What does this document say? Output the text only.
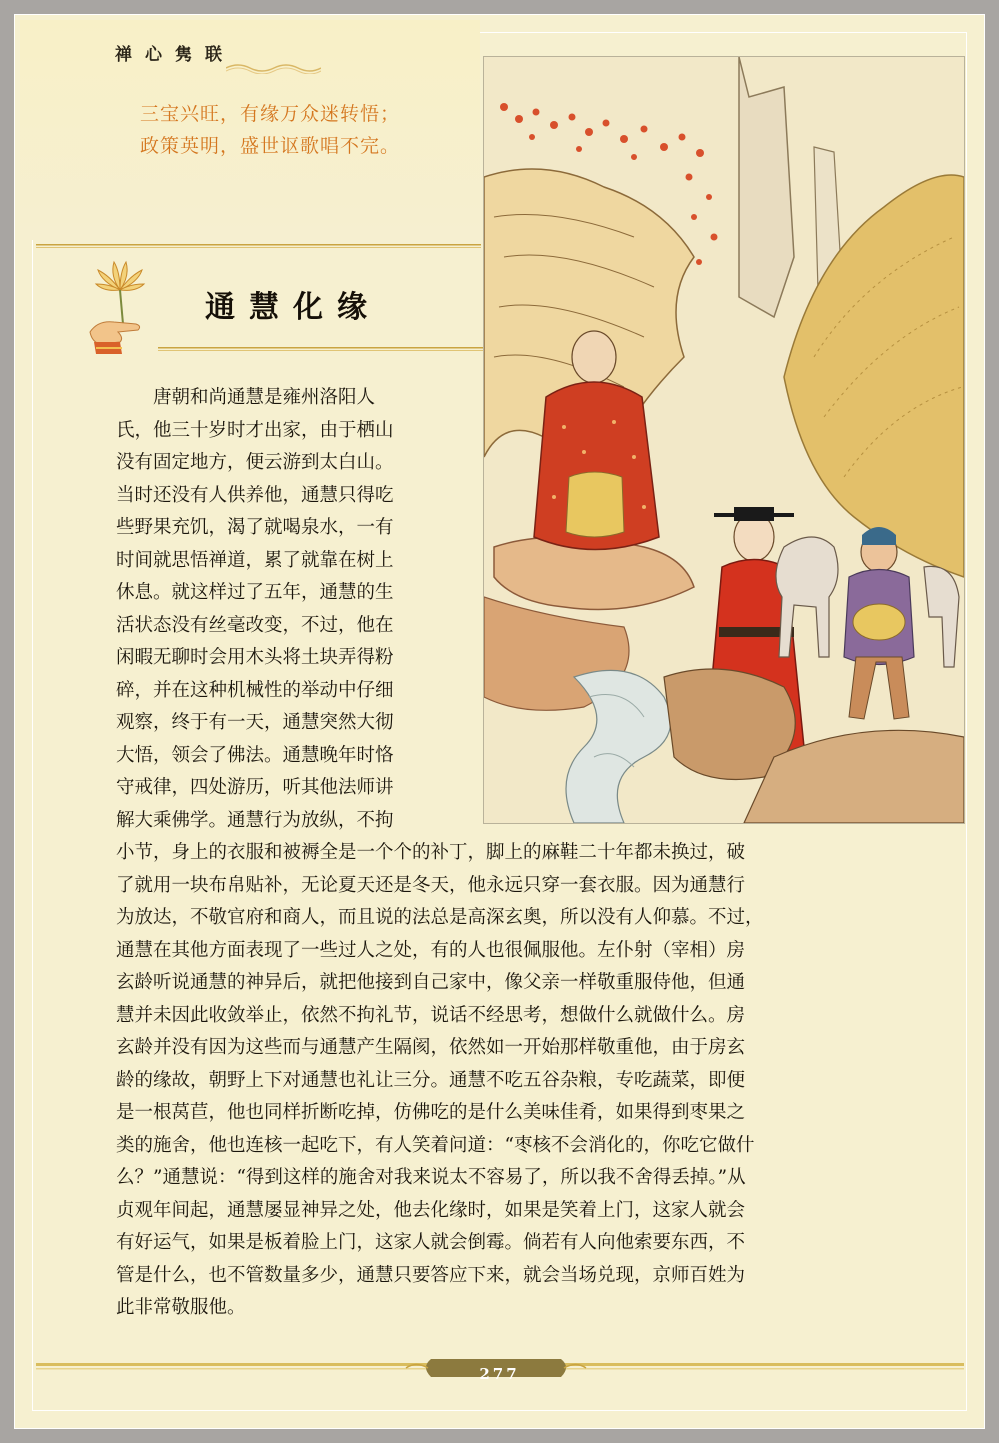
禅心隽联
三宝兴旺，有缘万众迷转悟；
政策英明，盛世讴歌唱不完。
通慧化缘
　　唐朝和尚通慧是雍州洛阳人
氏，他三十岁时才出家，由于栖山
没有固定地方，便云游到太白山。
当时还没有人供养他，通慧只得吃
些野果充饥，渴了就喝泉水，一有
时间就思悟禅道，累了就靠在树上
休息。就这样过了五年，通慧的生
活状态没有丝毫改变，不过，他在
闲暇无聊时会用木头将土块弄得粉
碎，并在这种机械性的举动中仔细
观察，终于有一天，通慧突然大彻
大悟，领会了佛法。通慧晚年时恪
守戒律，四处游历，听其他法师讲
解大乘佛学。通慧行为放纵，不拘
小节，身上的衣服和被褥全是一个个的补丁，脚上的麻鞋二十年都未换过，破
了就用一块布帛贴补，无论夏天还是冬天，他永远只穿一套衣服。因为通慧行
为放达，不敬官府和商人，而且说的法总是高深玄奥，所以没有人仰慕。不过，
通慧在其他方面表现了一些过人之处，有的人也很佩服他。左仆射（宰相）房
玄龄听说通慧的神异后，就把他接到自己家中，像父亲一样敬重服侍他，但通
慧并未因此收敛举止，依然不拘礼节，说话不经思考，想做什么就做什么。房
玄龄并没有因为这些而与通慧产生隔阂，依然如一开始那样敬重他，由于房玄
龄的缘故，朝野上下对通慧也礼让三分。通慧不吃五谷杂粮，专吃蔬菜，即便
是一根莴苣，他也同样折断吃掉，仿佛吃的是什么美味佳肴，如果得到枣果之
类的施舍，他也连核一起吃下，有人笑着问道：“枣核不会消化的，你吃它做什
么？”通慧说：“得到这样的施舍对我来说太不容易了，所以我不舍得丢掉。”从
贞观年间起，通慧屡显神异之处，他去化缘时，如果是笑着上门，这家人就会
有好运气，如果是板着脸上门，这家人就会倒霉。倘若有人向他索要东西，不
管是什么，也不管数量多少，通慧只要答应下来，就会当场兑现，京师百姓为
此非常敬服他。
277
